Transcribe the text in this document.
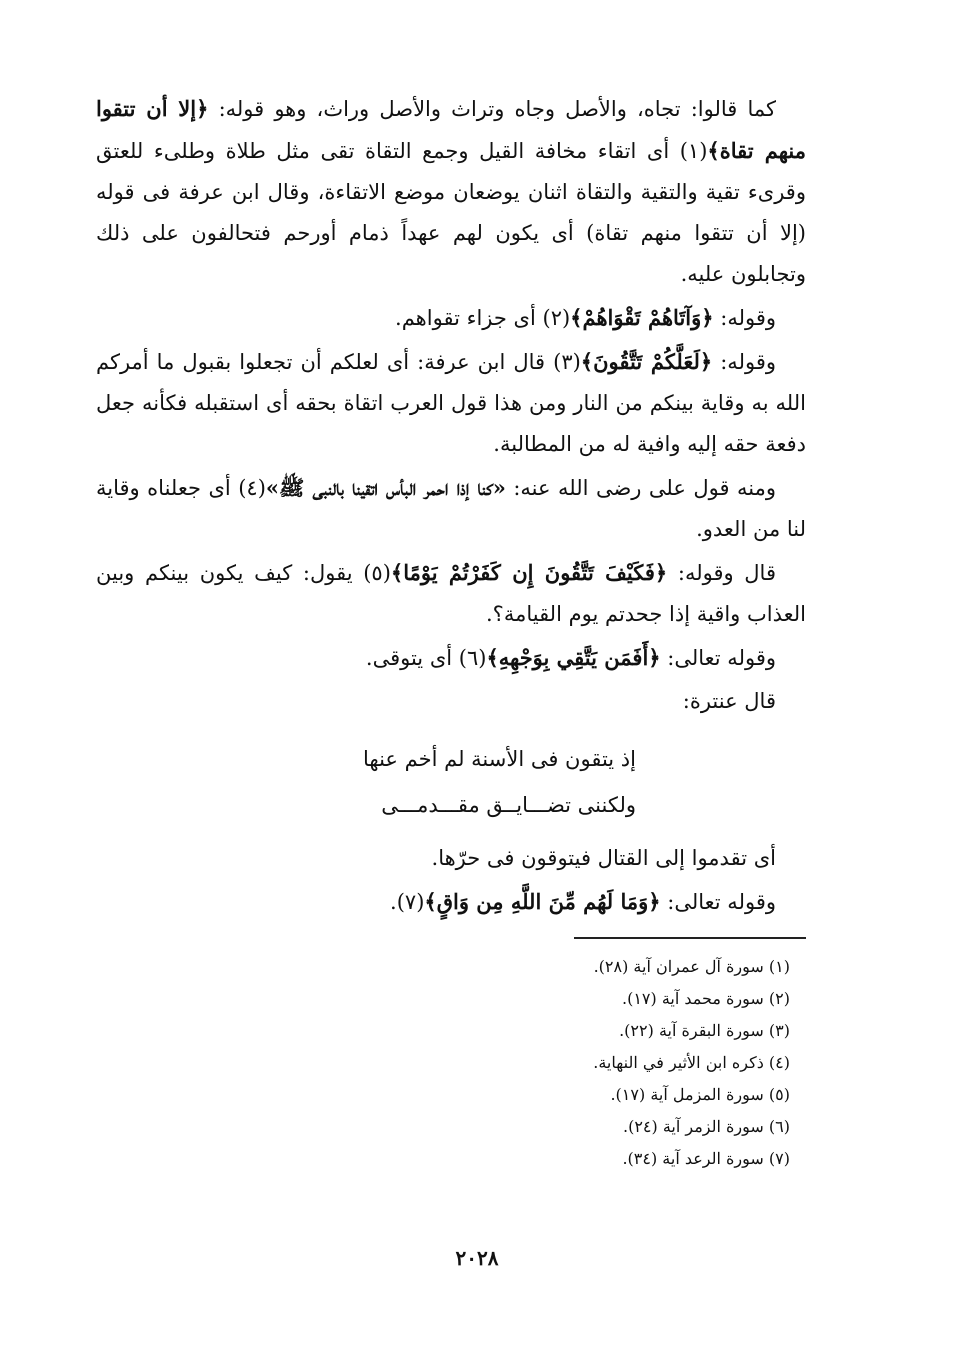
كما قالوا: تجاه، والأصل وجاه وتراث والأصل وراث، وهو قوله: ﴿إلا أن تتقوا منهم تقاة﴾(١) أى اتقاء مخافة القيل وجمع التقاة تقى مثل طلاة وطلىء للعتق وقرىء تقية والتقية والتقاة اثنان يوضعان موضع الاتقاءة، وقال ابن عرفة فى قوله (إلا أن تتقوا منهم تقاة) أى يكون لهم عهداً ذمام أورحم فتحالفون على ذلك وتجابلون عليه.

وقوله: ﴿وَآتَاهُمْ تَقْوَاهُمْ﴾(٢) أى جزاء تقواهم.

وقوله: ﴿لَعَلَّكُمْ تَتَّقُونَ﴾(٣) قال ابن عرفة: أى لعلكم أن تجعلوا بقبول ما أمركم الله به وقاية بينكم من النار ومن هذا قول العرب اتقاة بحقه أى استقبله فكأنه جعل دفعة حقه إليه وافية له من المطالبة.

ومنه قول على رضى الله عنه: «كنا إذا احمر البأس اتقينا بالنبى ﷺ»(٤) أى جعلناه وقاية لنا من العدو.

قال وقوله: ﴿فَكَيْفَ تَتَّقُونَ إِن كَفَرْتُمْ يَوْمًا﴾(٥) يقول: كيف يكون بينكم وبين العذاب واقية إذا جحدتم يوم القيامة؟.

وقوله تعالى: ﴿أَفَمَن يَتَّقِي بِوَجْهِهِ﴾(٦) أى يتوقى.

قال عنترة:

إذ يتقون فى الأسنة لم أخم عنها
ولكننى تضـــايــق مقـــدمـــى

أى تقدموا إلى القتال فيتوقون فى حرّها.

وقوله تعالى: ﴿وَمَا لَهُم مِّنَ اللَّهِ مِن وَاقٍ﴾(٧).

(١) سورة آل عمران آية (٢٨).

(٢) سورة محمد آية (١٧).

(٣) سورة البقرة آية (٢٢).

(٤) ذكره ابن الأثير في النهاية.

(٥) سورة المزمل آية (١٧).

(٦) سورة الزمر آية (٢٤).

(٧) سورة الرعد آية (٣٤).

٢٠٢٨
